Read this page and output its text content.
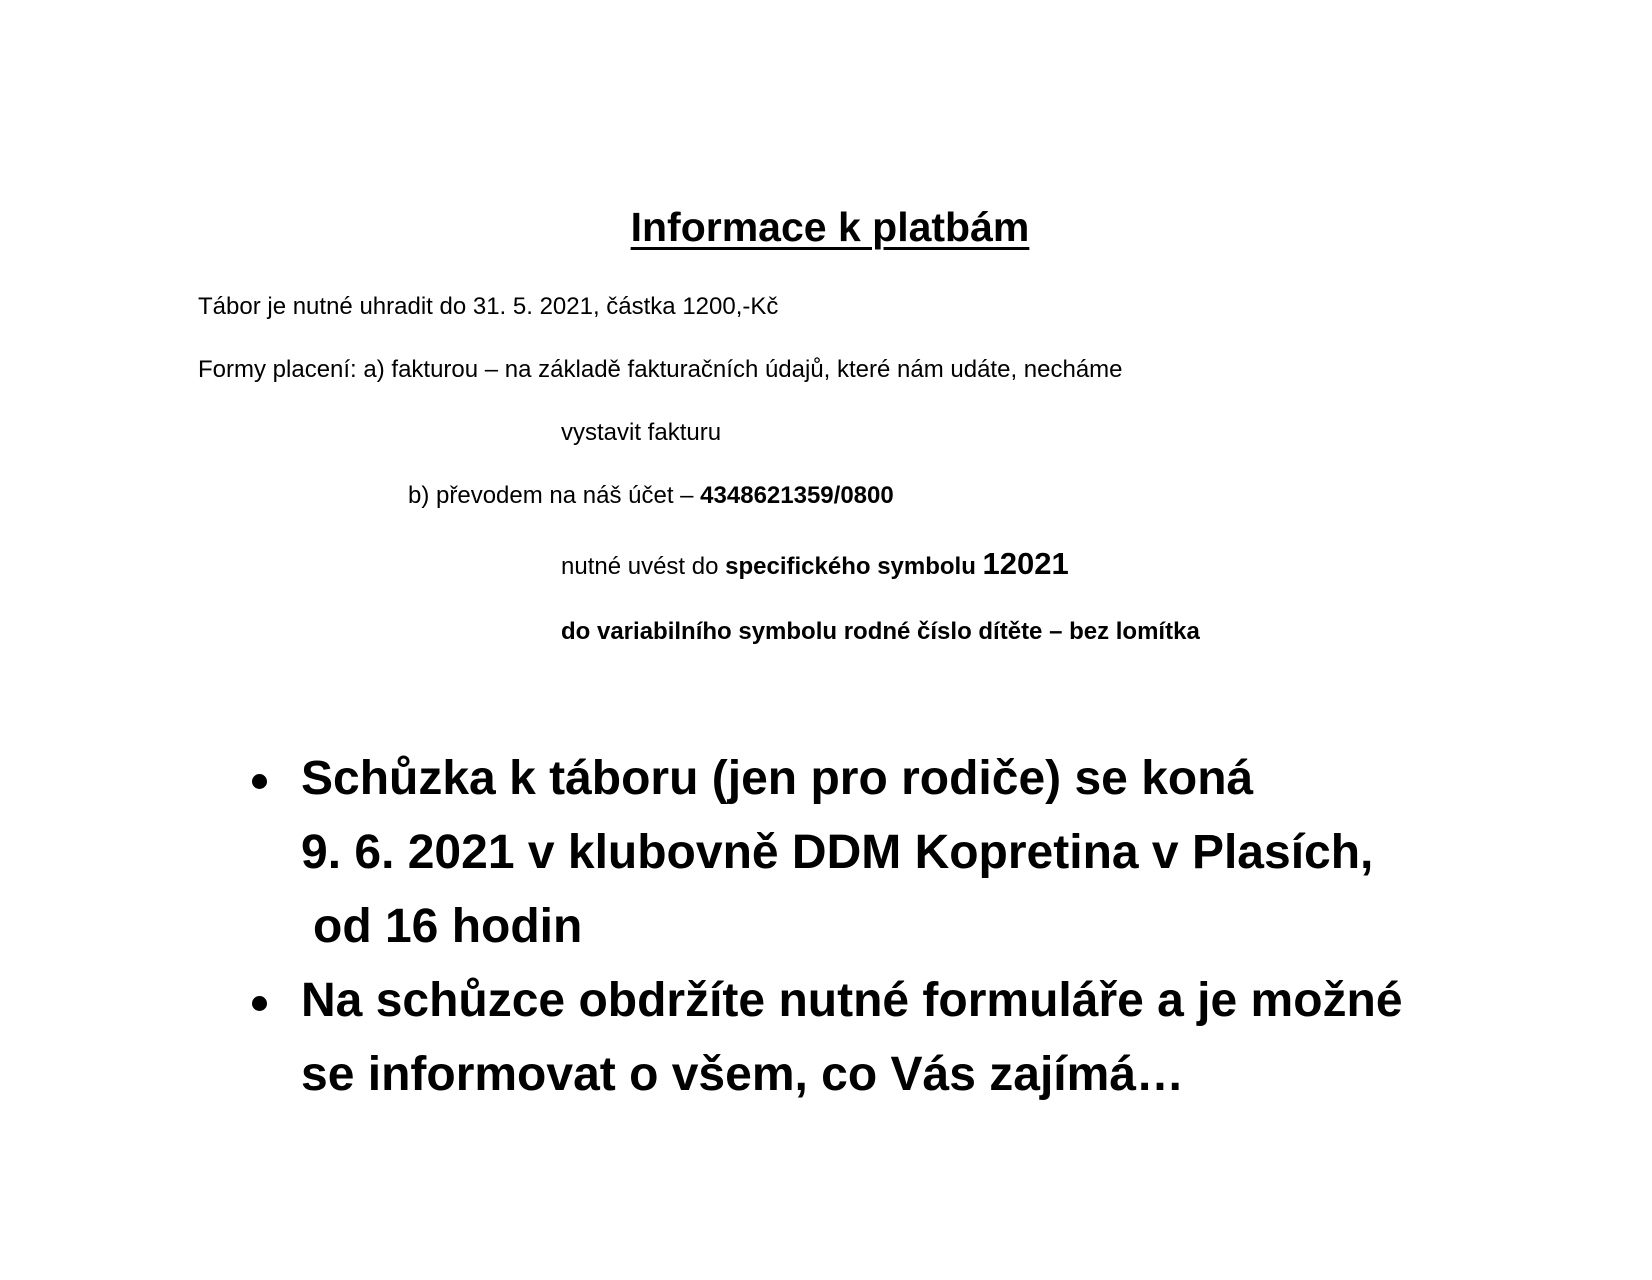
Informace k platbám
Tábor je nutné uhradit do 31. 5. 2021, částka 1200,-Kč
Formy placení: a) fakturou – na základě fakturačních údajů, které nám udáte, necháme
vystavit fakturu
b) převodem na náš účet – 4348621359/0800
nutné uvést do specifického symbolu 12021
do variabilního symbolu rodné číslo dítěte – bez lomítka
Schůzka k táboru (jen pro rodiče) se koná
9. 6. 2021 v klubovně DDM Kopretina v Plasích,
od 16 hodin
Na schůzce obdržíte nutné formuláře a je možné
se informovat o všem, co Vás zajímá…
